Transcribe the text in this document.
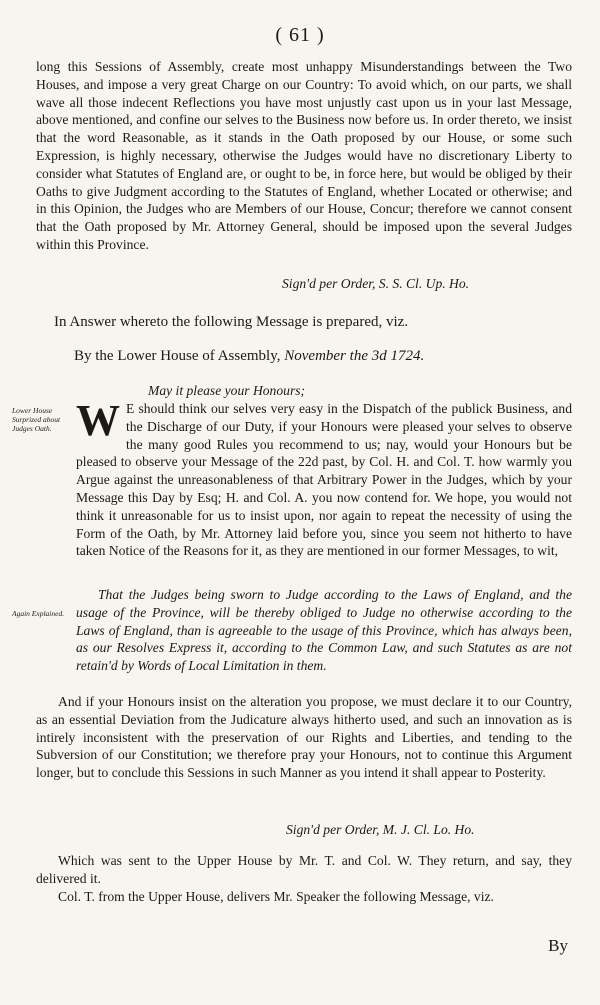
( 61 )

long this Sessions of Assembly, create most unhappy Misunderstandings between the Two Houses, and impose a very great Charge on our Country: To avoid which, on our parts, we shall wave all those indecent Reflections you have most unjustly cast upon us in your last Message, above mentioned, and confine our selves to the Business now before us. In order thereto, we insist that the word Reasonable, as it stands in the Oath proposed by our House, or some such Expression, is highly necessary, otherwise the Judges would have no discretionary Liberty to consider what Statutes of England are, or ought to be, in force here, but would be obliged by their Oaths to give Judgment according to the Statutes of England, whether Located or otherwise; and in this Opinion, the Judges who are Members of our House, Concur; therefore we cannot consent that the Oath proposed by Mr. Attorney General, should be imposed upon the several Judges within this Province.

Sign'd per Order, S. S. Cl. Up. Ho.
In Answer whereto the following Message is prepared, viz.
By the Lower House of Assembly, November the 3d 1724.
May it please your Honours;
Lower House Surprized about Judges Oath. W E should think our selves very easy in the Dispatch of the publick Business, and the Discharge of our Duty, if your Honours were pleased your selves to observe the many good Rules you recommend to us; nay, would your Honours but be pleased to observe your Message of the 22d past, by Col. H. and Col. T. how warmly you Argue against the unreasonableness of that Arbitrary Power in the Judges, which by your Message this Day by Esq; H. and Col. A. you now contend for. We hope, you would not think it unreasonable for us to insist upon, nor again to repeat the necessity of using the Form of the Oath, by Mr. Attorney laid before you, since you seem not hitherto to have taken Notice of the Reasons for it, as they are mentioned in our former Messages, to wit,
Again Explained.

That the Judges being sworn to Judge according to the Laws of England, and the usage of the Province, will be thereby obliged to Judge no otherwise according to the Laws of England, than is agreeable to the usage of this Province, which has always been, as our Resolves Express it, according to the Common Law, and such Statutes as are not retain'd by Words of Local Limitation in them.

And if your Honours insist on the alteration you propose, we must declare it to our Country, as an essential Deviation from the Judicature always hitherto used, and such an innovation as is intirely inconsistent with the preservation of our Rights and Liberties, and tending to the Subversion of our Constitution; we therefore pray your Honours, not to continue this Argument longer, but to conclude this Sessions in such Manner as you intend it shall appear to Posterity.

Sign'd per Order, M. J. Cl. Lo. Ho.

Which was sent to the Upper House by Mr. T. and Col. W. They return, and say, they delivered it.

Col. T. from the Upper House, delivers Mr. Speaker the following Message, viz.

By
